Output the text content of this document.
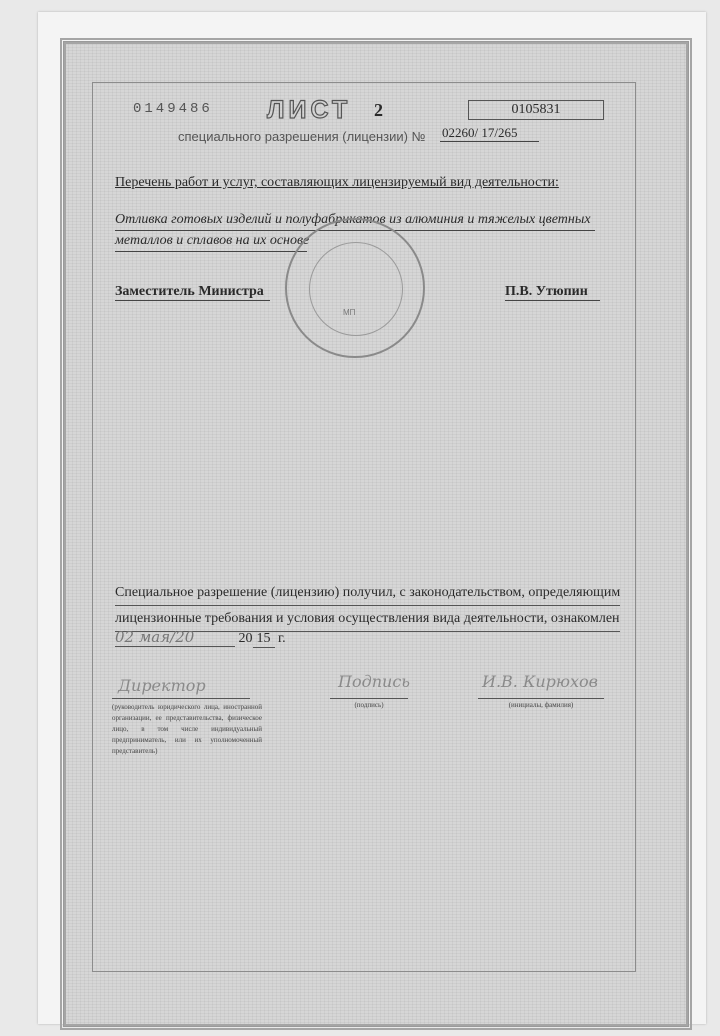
0149486 ЛИСТ 2	0105831
специального разрешения (лицензии) № 02260/ 17/265
Перечень работ и услуг, составляющих лицензируемый вид деятельности:
Отливка готовых изделий и полуфабрикатов из алюминия и тяжелых цветных
металлов и сплавов на их основе
МП
Заместитель Министра	П.В. Утюпин
Специальное разрешение (лицензию) получил, с законодательством, определяющим
лицензионные требования и условия осуществления вида деятельности, ознакомлен
02 мая/20	20 15 г.
Директор
(руководитель юридического лица, иностранной организации, ее представительства, физическое лицо, в том числе индивидуальный предприниматель, или их уполномоченный представитель)
Подпись
(подпись)
И.В. Кирюхов
(инициалы, фамилия)
